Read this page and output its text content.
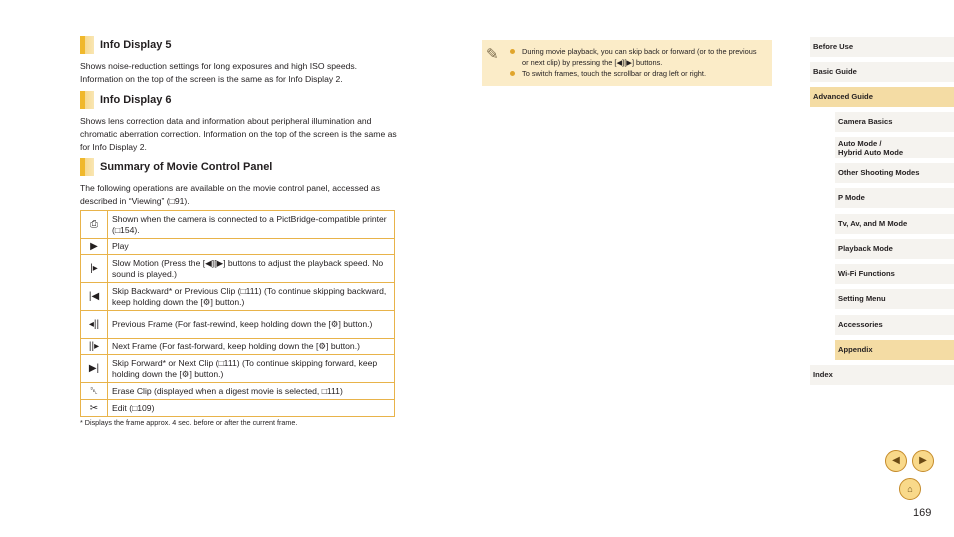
Info Display 5
Shows noise-reduction settings for long exposures and high ISO speeds. Information on the top of the screen is the same as for Info Display 2.
Info Display 6
Shows lens correction data and information about peripheral illumination and chromatic aberration correction. Information on the top of the screen is the same as for Info Display 2.
Summary of Movie Control Panel
The following operations are available on the movie control panel, accessed as described in “Viewing” (□91).
⎙	Shown when the camera is connected to a PictBridge-compatible printer (□154).
▶	Play
|▸	Slow Motion (Press the [◀][▶] buttons to adjust the playback speed. No sound is played.)
|◀	Skip Backward* or Previous Clip (□111) (To continue skipping backward, keep holding down the [⚙] button.)
◂||	Previous Frame (For fast-rewind, keep holding down the [⚙] button.)
||▸	Next Frame (For fast-forward, keep holding down the [⚙] button.)
▶|	Skip Forward* or Next Clip (□111) (To continue skipping forward, keep holding down the [⚙] button.)
␡	Erase Clip (displayed when a digest movie is selected, □111)
✂	Edit (□109)
* Displays the frame approx. 4 sec. before or after the current frame.
✎	During movie playback, you can skip back or forward (or to the previous or next clip) by pressing the [◀][▶] buttons.
To switch frames, touch the scrollbar or drag left or right.
Before Use
Basic Guide
Advanced Guide
Camera Basics
Auto Mode /
Hybrid Auto Mode
Other Shooting Modes
P Mode
Tv, Av, and M Mode
Playback Mode
Wi-Fi Functions
Setting Menu
Accessories
Appendix
Index
◀	▶
⌂
169
